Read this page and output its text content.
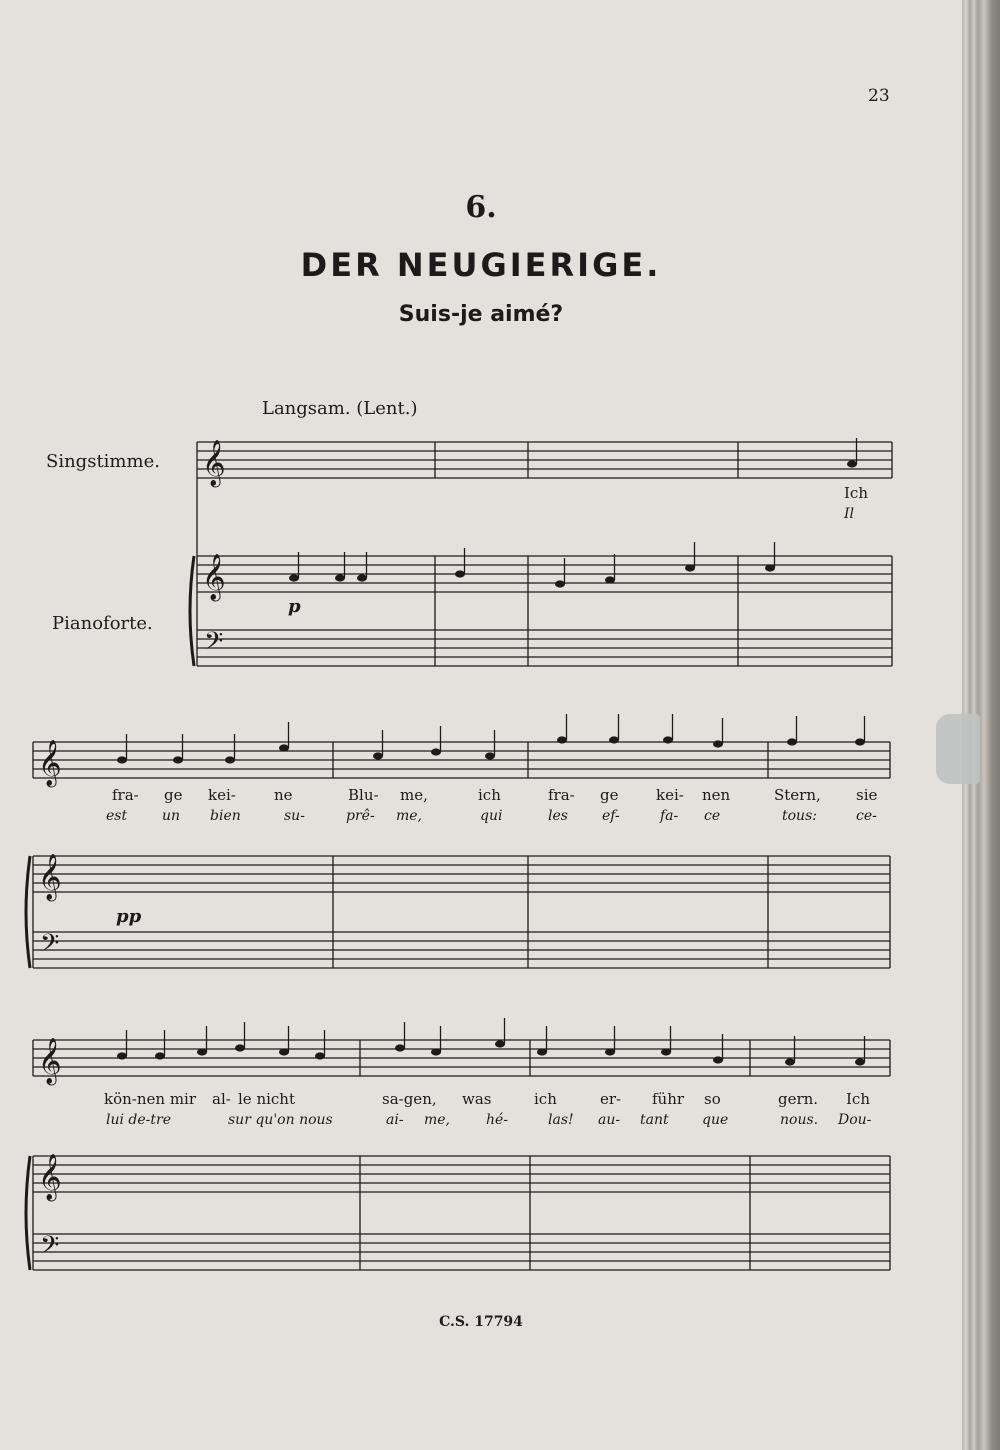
23
6.
DER NEUGIERIGE.
Suis-je aimé?
Langsam. (Lent.)
Singstimme.
Pianoforte.
p
pp
Ich
Il
fra- ge kei-	ne	Blu- me,	ich	fra- ge	kei- nen	Stern, sie
est un bien	su-	prê- me,	qui	les ef-	fa- ce	tous:	ce-
kön-nen mir al- le nicht	sa-gen, was	ich	er- führ so	gern. Ich
lui de-tre	sur qu'on nous	ai- me,	hé-	las! au- tant que	nous. Dou-
C.S. 17794
𝄞
𝄞
𝄢
𝄞
𝄞
𝄢
𝄞
𝄞
𝄢
